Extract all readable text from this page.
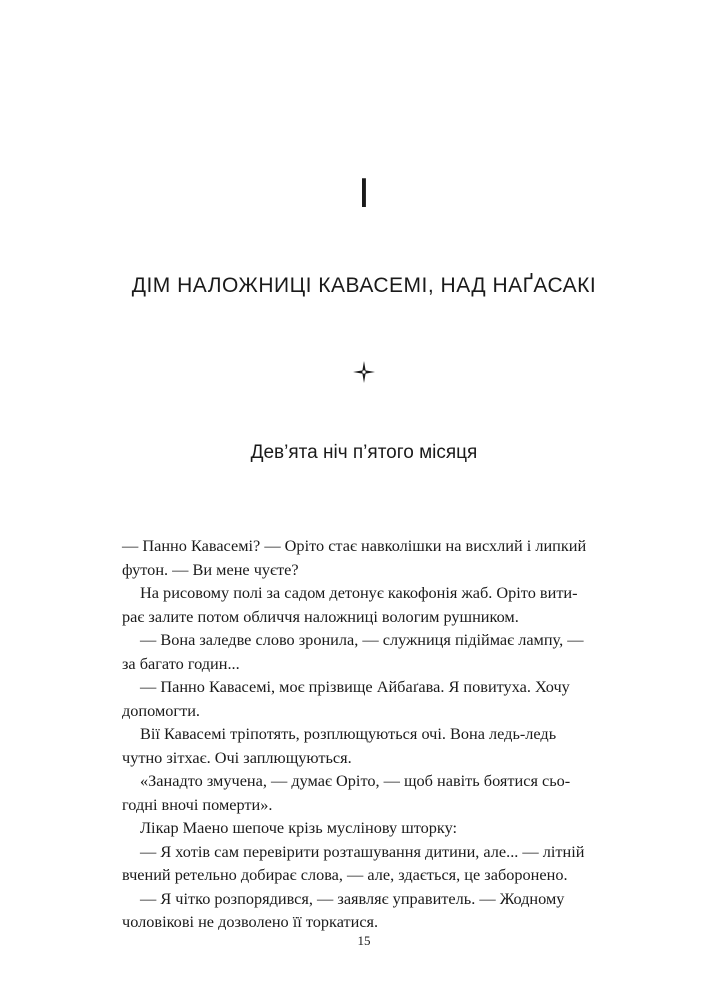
I
ДІМ НАЛОЖНИЦІ КАВАСЕМІ, НАД НАҐАСАКІ
Дев’ята ніч п’ятого місяця

— Панно Кавасемі? — Оріто стає навколішки на висхлий і липкий

футон. — Ви мене чуєте?

На рисовому полі за садом детонує какофонія жаб. Оріто вити-

рає залите потом обличчя наложниці вологим рушником.

— Вона заледве слово зронила, — служниця підіймає лампу, —

за багато годин...

— Панно Кавасемі, моє прізвище Айбаґава. Я повитуха. Хочу

допомогти.

Вії Кавасемі тріпотять, розплющуються очі. Вона ледь-ледь

чутно зітхає. Очі заплющуються.

«Занадто змучена, — думає Оріто, — щоб навіть боятися сьо-

годні вночі померти».

Лікар Маено шепоче крізь муслінову шторку:

— Я хотів сам перевірити розташування дитини, але... — літній

вчений ретельно добирає слова, — але, здається, це заборонено.

— Я чітко розпорядився, — заявляє управитель. — Жодному

чоловікові не дозволено її торкатися.

15
